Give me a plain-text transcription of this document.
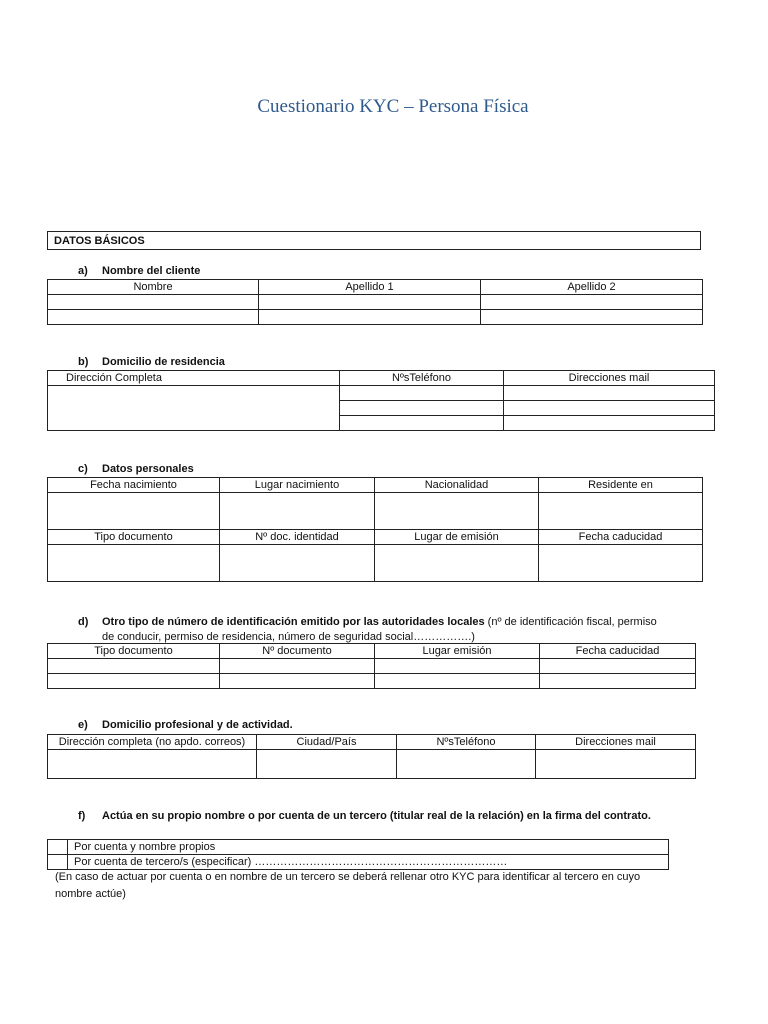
Cuestionario KYC – Persona Física
DATOS BÁSICOS
a) Nombre del cliente
Nombre	Apellido 1	Apellido 2

b) Domicilio de residencia
Dirección Completa	NºsTeléfono	Direcciones mail

c) Datos personales
Fecha nacimiento	Lugar nacimiento	Nacionalidad	Residente en

Tipo documento	Nº doc. identidad	Lugar de emisión	Fecha caducidad

d) Otro tipo de número de identificación emitido por las autoridades locales (nº de identificación fiscal, permiso
de conducir, permiso de residencia, número de seguridad social…………….)
Tipo documento	Nº documento	Lugar emisión	Fecha caducidad

e) Domicilio profesional y de actividad.
Dirección completa (no apdo. correos)	Ciudad/País	NºsTeléfono	Direcciones mail

f) Actúa en su propio nombre o por cuenta de un tercero (titular real de la relación) en la firma del contrato.
	Por cuenta y nombre propios
	Por cuenta de tercero/s (especificar) ……………………………………………………………
(En caso de actuar por cuenta o en nombre de un tercero se deberá rellenar otro KYC para identificar al tercero en cuyo
nombre actúe)
